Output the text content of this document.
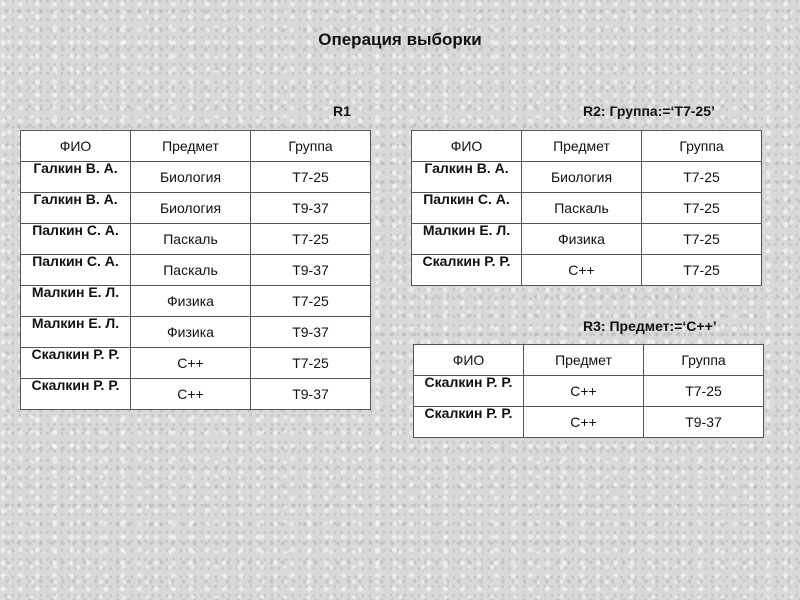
Операция выборки
R1	R2: Группа:=‘Т7-25’
R3: Предмет:=‘С++’
ФИО	Предмет	Группа

Галкин В. А.	Биология	Т7-25

Галкин В. А.	Биология	Т9-37

Палкин С. А.	Паскаль	Т7-25

Палкин С. А.	Паскаль	Т9-37

Малкин Е. Л.	Физика	Т7-25

Малкин Е. Л.	Физика	Т9-37

Скалкин Р. Р.	С++	Т7-25

Скалкин Р. Р.	С++	Т9-37
ФИО	Предмет	Группа

Галкин В. А.	Биология	Т7-25

Палкин С. А.	Паскаль	Т7-25

Малкин Е. Л.	Физика	Т7-25

Скалкин Р. Р.	С++	Т7-25
ФИО	Предмет	Группа

Скалкин Р. Р.	С++	Т7-25

Скалкин Р. Р.	С++	Т9-37
